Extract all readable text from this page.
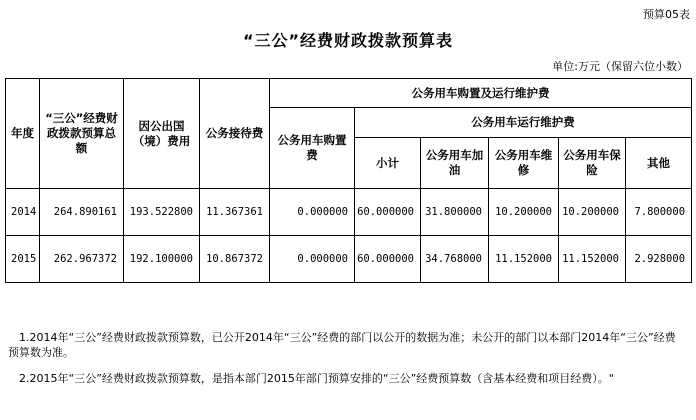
预算05表
“三公”经费财政拨款预算表
单位:万元（保留六位小数）
年度	“三公”经费财政拨款预算总额	因公出国（境）费用	公务接待费	公务用车购置及运行维护费					
				公务用车购置费	公务用车运行维护费				
					小计	公务用车加油	公务用车维修	公务用车保险	其他
2014	264.890161	193.522800	11.367361	0.000000	60.000000	31.800000	10.200000	10.200000	7.800000
2015	262.967372	192.100000	10.867372	0.000000	60.000000	34.768000	11.152000	11.152000	2.928000

1.2014年“三公”经费财政拨款预算数，已公开2014年“三公”经费的部门以公开的数据为准；未公开的部门以本部门2014年“三公”经费预算数为准。

2.2015年“三公”经费财政拨款预算数，是指本部门2015年部门预算安排的“三公”经费预算数（含基本经费和项目经费）。"
